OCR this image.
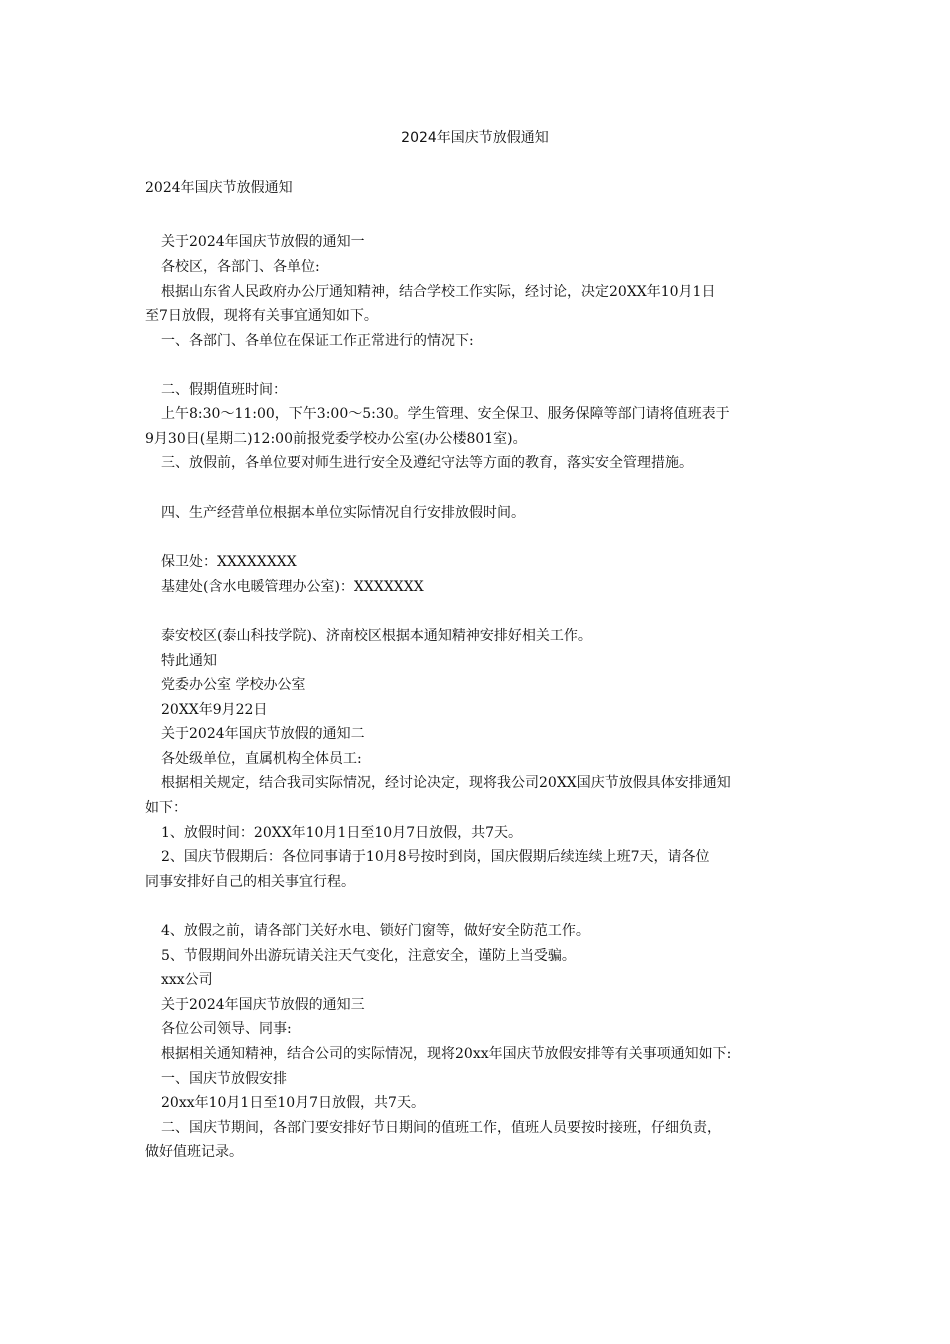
2024年国庆节放假通知
2024年国庆节放假通知
关于2024年国庆节放假的通知一
各校区，各部门、各单位:
根据山东省人民政府办公厅通知精神，结合学校工作实际，经讨论，决定20XX年10月1日
至7日放假，现将有关事宜通知如下。
一、各部门、各单位在保证工作正常进行的情况下:
二、假期值班时间：
上午8:30～11:00，下午3:00～5:30。学生管理、安全保卫、服务保障等部门请将值班表于
9月30日(星期二)12:00前报党委学校办公室(办公楼801室)。
三、放假前，各单位要对师生进行安全及遵纪守法等方面的教育，落实安全管理措施。
四、生产经营单位根据本单位实际情况自行安排放假时间。
保卫处：XXXXXXXX
基建处(含水电暖管理办公室)：XXXXXXX
泰安校区(泰山科技学院)、济南校区根据本通知精神安排好相关工作。
特此通知
党委办公室 学校办公室
20XX年9月22日
关于2024年国庆节放假的通知二
各处级单位，直属机构全体员工:
根据相关规定，结合我司实际情况，经讨论决定，现将我公司20XX国庆节放假具体安排通知
如下：
1、放假时间：20XX年10月1日至10月7日放假，共7天。
2、国庆节假期后：各位同事请于10月8号按时到岗，国庆假期后续连续上班7天，请各位
同事安排好自己的相关事宜行程。
4、放假之前，请各部门关好水电、锁好门窗等，做好安全防范工作。
5、节假期间外出游玩请关注天气变化，注意安全，谨防上当受骗。
xxx公司
关于2024年国庆节放假的通知三
各位公司领导、同事:
根据相关通知精神，结合公司的实际情况，现将20xx年国庆节放假安排等有关事项通知如下:
一、国庆节放假安排
20xx年10月1日至10月7日放假，共7天。
二、国庆节期间，各部门要安排好节日期间的值班工作，值班人员要按时接班，仔细负责，
做好值班记录。
